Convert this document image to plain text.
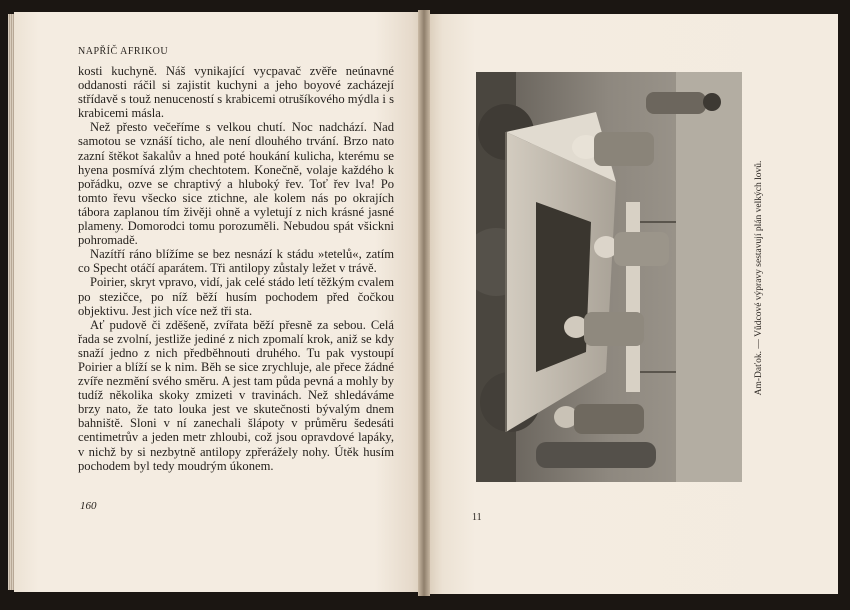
NAPŘÍČ AFRIKOU

kosti kuchyně. Náš vynikající vycpavač zvěře neúnavné oddanosti ráčil si zajistit kuchyni a jeho boyové zacházejí střídavě s touž nenuceností s krabicemi otrušíkového mýdla i s krabicemi másla.

Než přesto večeříme s velkou chutí. Noc nadchází. Nad samotou se vznáší ticho, ale není dlouhého trvání. Brzo nato zazní štěkot šakalův a hned poté houkání kulicha, kterému se hyena posmívá zlým chechtotem. Konečně, volaje každého k pořádku, ozve se chraptivý a hluboký řev. Toť řev lva! Po tomto řevu všecko sice ztichne, ale kolem nás po okrajích tábora zaplanou tím živěji ohně a vyletují z nich krásné jasné plameny. Domorodci tomu porozuměli. Nebudou spát všickni pohromadě.

Nazítří ráno blížíme se bez nesnází k stádu »tetelů«, zatím co Specht otáčí aparátem. Tři antilopy zůstaly ležet v trávě.

Poirier, skryt vpravo, vidí, jak celé stádo letí těžkým cvalem po stezičce, po níž běží husím pochodem před čočkou objektivu. Jest jich více než tři sta.

Ať pudově či zděšeně, zvířata běží přesně za sebou. Celá řada se zvolní, jestliže jediné z nich zpomalí krok, aniž se kdy snaží jedno z nich předběhnouti druhého. Tu pak vystoupí Poirier a blíží se k nim. Běh se sice zrychluje, ale přece žádné zvíře nezmění svého směru. A jest tam půda pevná a mohly by tudíž několika skoky zmizeti v travinách. Než shledáváme brzy nato, že tato louka jest ve skutečnosti bývalým dnem bahniště. Sloni v ní zanechali šlápoty v průměru šedesáti centimetrův a jeden metr zhloubi, což jsou opravdové lapáky, v nichž by si nezbytně antilopy zpřerážely nohy. Útěk husím pochodem byl tedy moudrým úkonem.

160
Am-Daťok. — Vůdcové výpravy sestavují plán velkých lovů.
11
